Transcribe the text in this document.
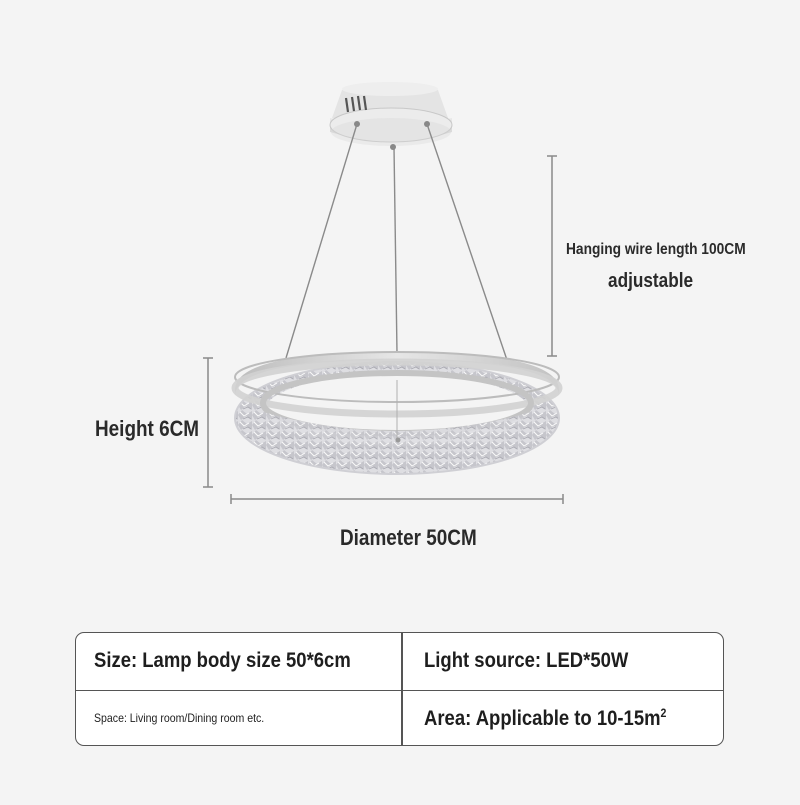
Hanging wire length 100CM
adjustable
Height 6CM
Diameter 50CM
Size: Lamp body size 50*6cm	Light source: LED*50W
Space: Living room/Dining room etc.	Area: Applicable to $10-15m^2$
